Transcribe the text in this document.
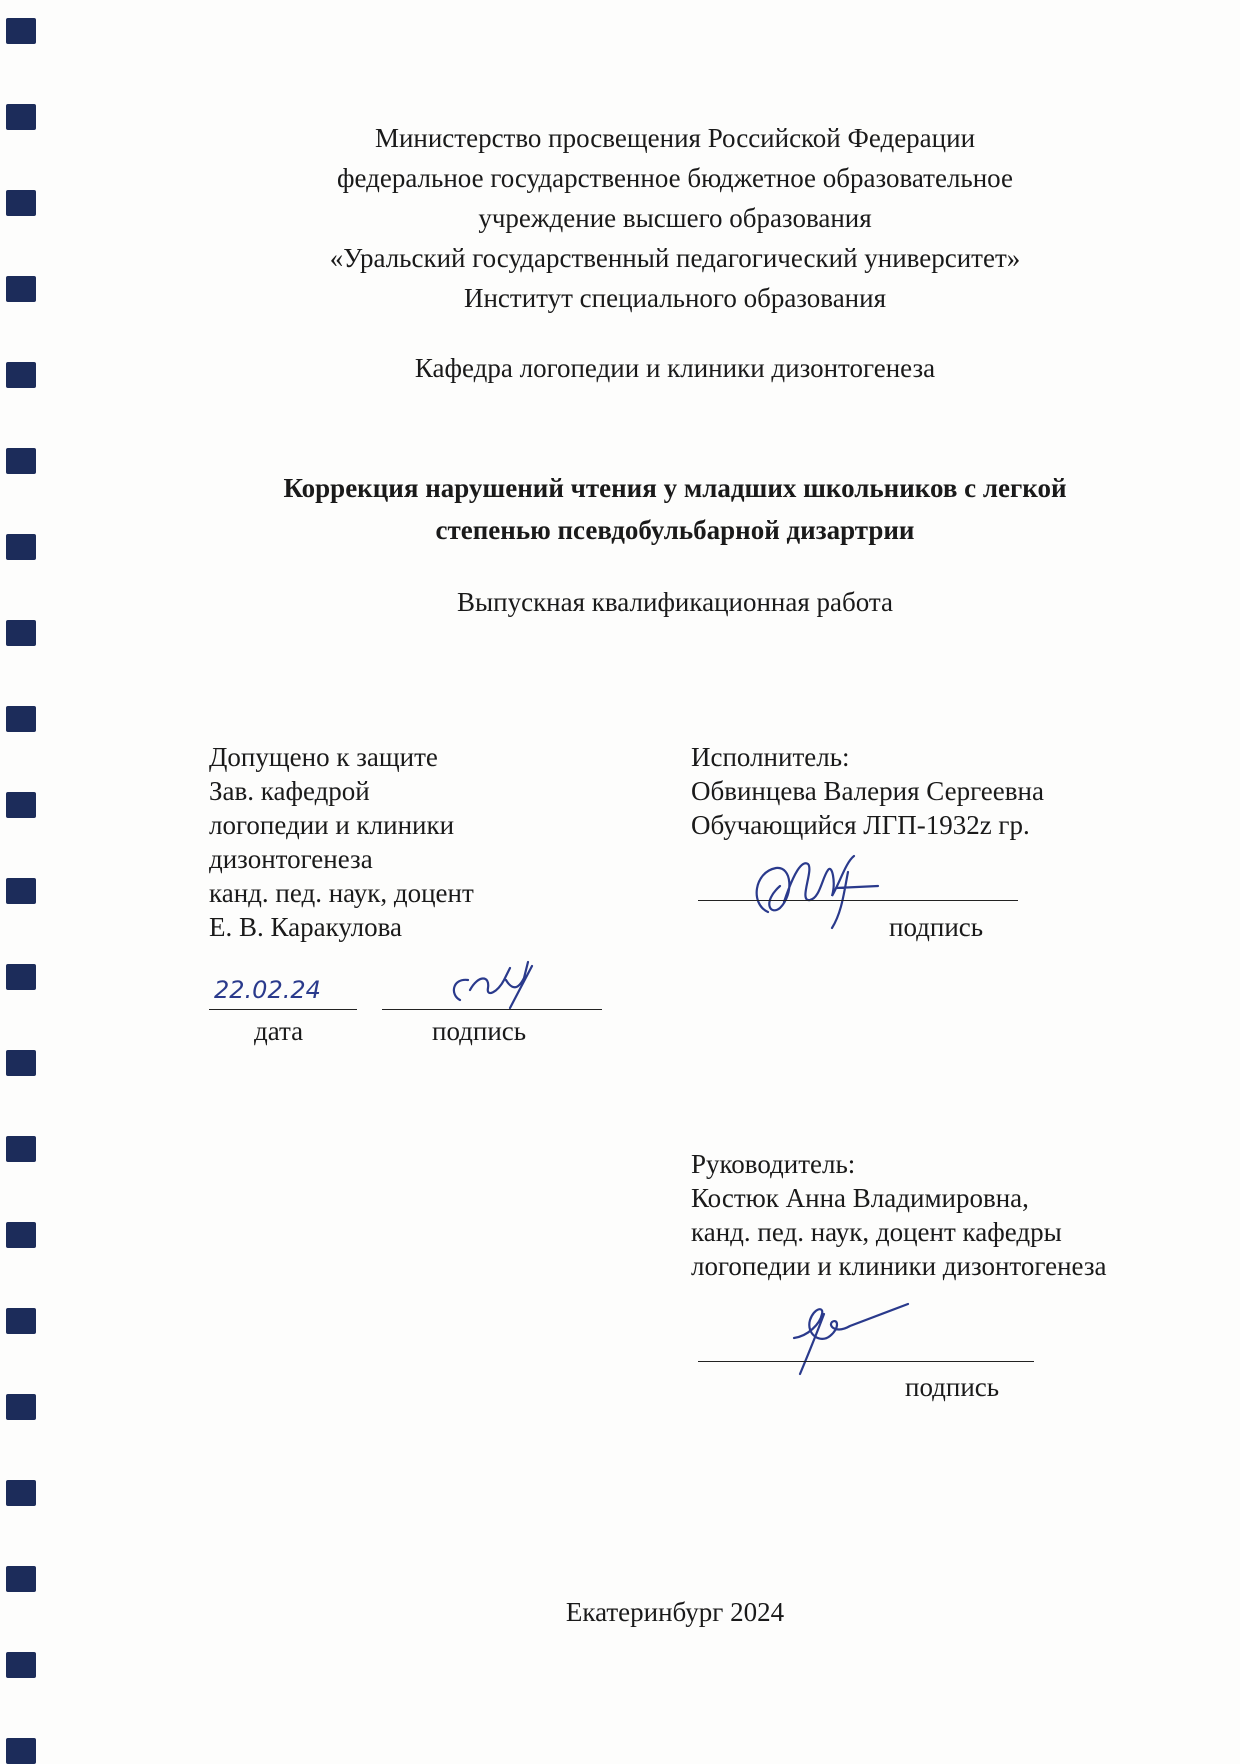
Министерство просвещения Российской Федерации
федеральное государственное бюджетное образовательное
учреждение высшего образования
«Уральский государственный педагогический университет»
Институт специального образования
Кафедра логопедии и клиники дизонтогенеза
Коррекция нарушений чтения у младших школьников с легкой
степенью псевдобульбарной дизартрии
Выпускная квалификационная работа
Допущено к защите
Зав. кафедрой
логопедии и клиники
дизонтогенеза
канд. пед. наук, доцент
Е. В. Каракулова
22.02.24
дата	подпись
Исполнитель:
Обвинцева Валерия Сергеевна
Обучающийся ЛГП-1932z гр.
подпись
Руководитель:
Костюк Анна Владимировна,
канд. пед. наук, доцент кафедры
логопедии и клиники дизонтогенеза
подпись
Екатеринбург 2024
